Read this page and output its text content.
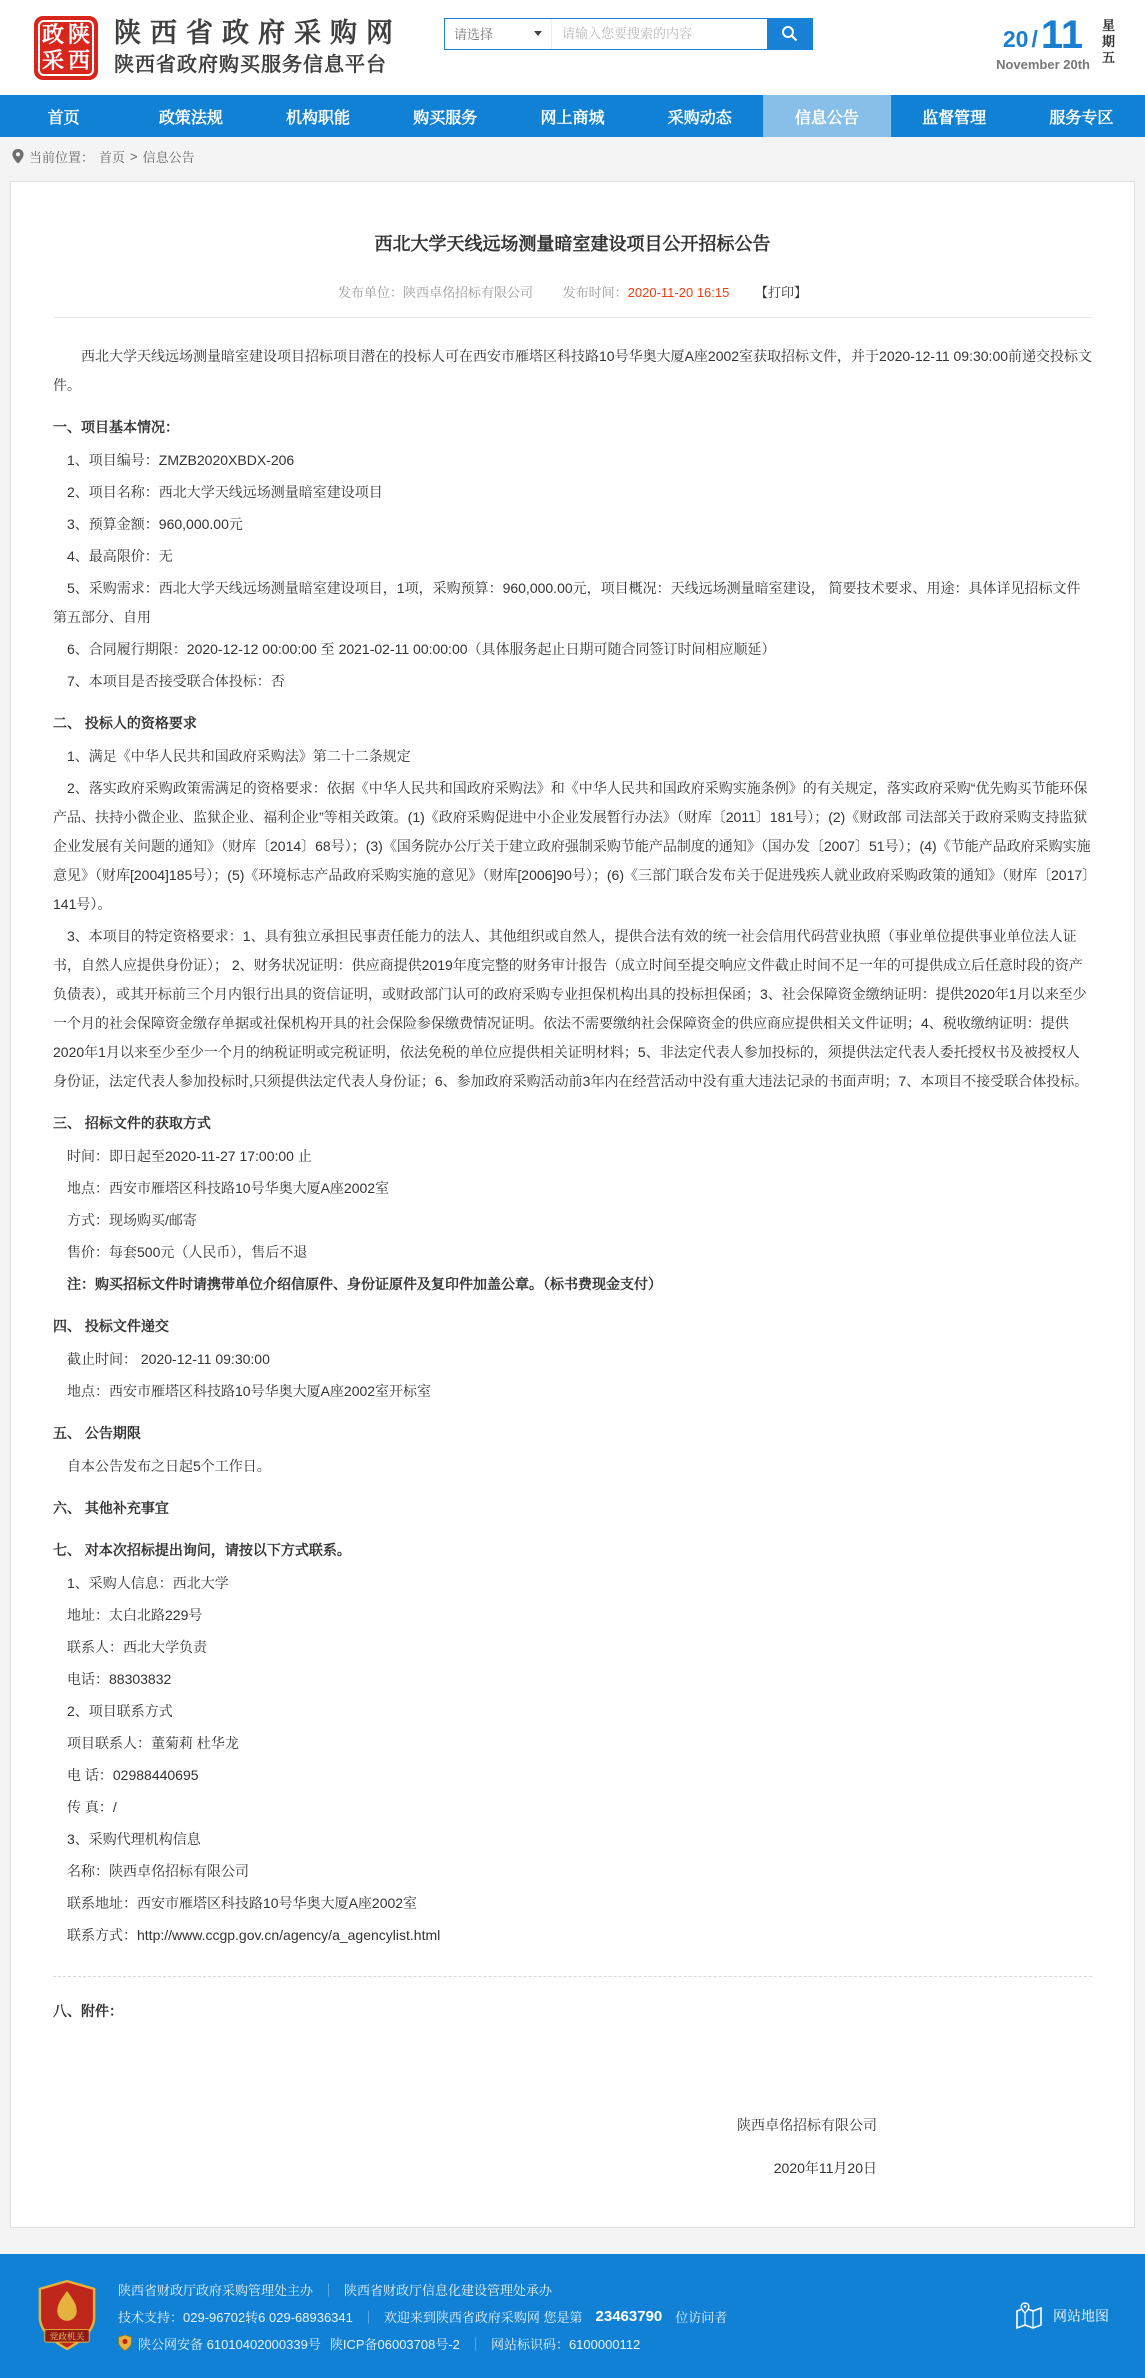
政 陕
采 西
陕西省政府采购网
陕西省政府购买服务信息平台
请选择
请输入您要搜索的内容	20 / 11
November 20th
星期五
首页	政策法规	机构职能	购买服务	网上商城	采购动态	信息公告	监督管理	服务专区
当前位置： 首页 > 信息公告
西北大学天线远场测量暗室建设项目公开招标公告
发布单位：陕西卓佲招标有限公司 发布时间：2020-11-20 16:15 【打印】
西北大学天线远场测量暗室建设项目招标项目潜在的投标人可在西安市雁塔区科技路10号华奥大厦A座2002室获取招标文件，并于2020-12-11 09:30:00前递交投标文件。
一、项目基本情况：
1、项目编号：ZMZB2020XBDX-206
2、项目名称：西北大学天线远场测量暗室建设项目
3、预算金额：960,000.00元
4、最高限价：无
5、采购需求：西北大学天线远场测量暗室建设项目，1项，采购预算：960,000.00元，项目概况：天线远场测量暗室建设， 简要技术要求、用途：具体详见招标文件第五部分、自用
6、合同履行期限：2020-12-12 00:00:00 至 2021-02-11 00:00:00（具体服务起止日期可随合同签订时间相应顺延）
7、本项目是否接受联合体投标：否
二、 投标人的资格要求
1、满足《中华人民共和国政府采购法》第二十二条规定
2、落实政府采购政策需满足的资格要求：依据《中华人民共和国政府采购法》和《中华人民共和国政府采购实施条例》的有关规定，落实政府采购“优先购买节能环保产品、扶持小微企业、监狱企业、福利企业”等相关政策。(1)《政府采购促进中小企业发展暂行办法》（财库〔2011〕181号）；(2)《财政部 司法部关于政府采购支持监狱企业发展有关问题的通知》（财库〔2014〕68号）；(3)《国务院办公厅关于建立政府强制采购节能产品制度的通知》（国办发〔2007〕51号）；(4)《节能产品政府采购实施意见》（财库[2004]185号）；(5)《环境标志产品政府采购实施的意见》（财库[2006]90号）；(6)《三部门联合发布关于促进残疾人就业政府采购政策的通知》（财库〔2017〕141号）。
3、本项目的特定资格要求：1、具有独立承担民事责任能力的法人、其他组织或自然人，提供合法有效的统一社会信用代码营业执照（事业单位提供事业单位法人证书，自然人应提供身份证）； 2、财务状况证明：供应商提供2019年度完整的财务审计报告（成立时间至提交响应文件截止时间不足一年的可提供成立后任意时段的资产负债表），或其开标前三个月内银行出具的资信证明，或财政部门认可的政府采购专业担保机构出具的投标担保函；3、社会保障资金缴纳证明：提供2020年1月以来至少一个月的社会保障资金缴存单据或社保机构开具的社会保险参保缴费情况证明。依法不需要缴纳社会保障资金的供应商应提供相关文件证明；4、税收缴纳证明：提供2020年1月以来至少至少一个月的纳税证明或完税证明，依法免税的单位应提供相关证明材料；5、非法定代表人参加投标的，须提供法定代表人委托授权书及被授权人身份证，法定代表人参加投标时,只须提供法定代表人身份证；6、参加政府采购活动前3年内在经营活动中没有重大违法记录的书面声明；7、本项目不接受联合体投标。
三、 招标文件的获取方式
时间：即日起至2020-11-27 17:00:00 止
地点：西安市雁塔区科技路10号华奥大厦A座2002室
方式：现场购买/邮寄
售价：每套500元（人民币），售后不退
注：购买招标文件时请携带单位介绍信原件、身份证原件及复印件加盖公章。（标书费现金支付）
四、 投标文件递交
截止时间： 2020-12-11 09:30:00
地点：西安市雁塔区科技路10号华奥大厦A座2002室开标室
五、 公告期限
自本公告发布之日起5个工作日。
六、 其他补充事宜
七、 对本次招标提出询问，请按以下方式联系。
1、采购人信息：西北大学
地址：太白北路229号
联系人：西北大学负责
电话：88303832
2、项目联系方式
项目联系人：董菊莉 杜华龙
电 话：02988440695
传 真：/
3、采购代理机构信息
名称：陕西卓佲招标有限公司
联系地址：西安市雁塔区科技路10号华奥大厦A座2002室
联系方式：http://www.ccgp.gov.cn/agency/a_agencylist.html
八、附件：
陕西卓佲招标有限公司
2020年11月20日
党政机关
陕西省财政厅政府采购管理处主办 ｜ 陕西省财政厅信息化建设管理处承办
技术支持：029-96702转6 029-68936341 ｜ 欢迎来到陕西省政府采购网 您是第 23463790 位访问者
陕公网安备 61010402000339号 陕ICP备06003708号-2 ｜ 网站标识码：6100000112
网站地图
